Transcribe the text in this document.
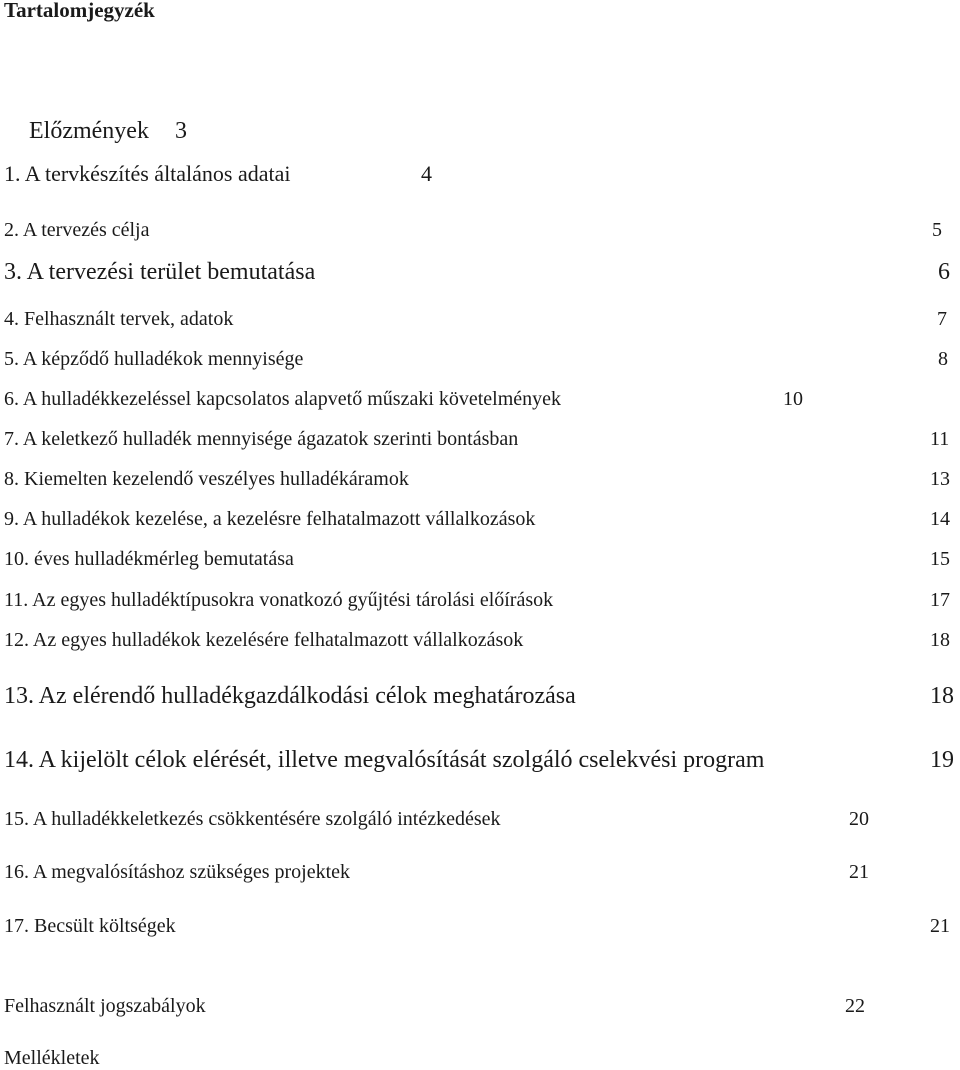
Tartalomjegyzék
Előzmények 3
1. A tervkészítés általános adatai	4
2. A tervezés célja	5
3. A tervezési terület bemutatása	6
4. Felhasznált tervek, adatok	7
5. A képződő hulladékok mennyisége	8
6. A hulladékkezeléssel kapcsolatos alapvető műszaki követelmények	10
7. A keletkező hulladék mennyisége ágazatok szerinti bontásban	11
8. Kiemelten kezelendő veszélyes hulladékáramok	13
9. A hulladékok kezelése, a kezelésre felhatalmazott vállalkozások	14
10. éves hulladékmérleg bemutatása	15
11. Az egyes hulladéktípusokra vonatkozó gyűjtési tárolási előírások	17
12. Az egyes hulladékok kezelésére felhatalmazott vállalkozások	18
13. Az elérendő hulladékgazdálkodási célok meghatározása	18
14. A kijelölt célok elérését, illetve megvalósítását szolgáló cselekvési program	19
15. A hulladékkeletkezés csökkentésére szolgáló intézkedések	20
16. A megvalósításhoz szükséges projektek	21
17. Becsült költségek	21
Felhasznált jogszabályok	22
Mellékletek
